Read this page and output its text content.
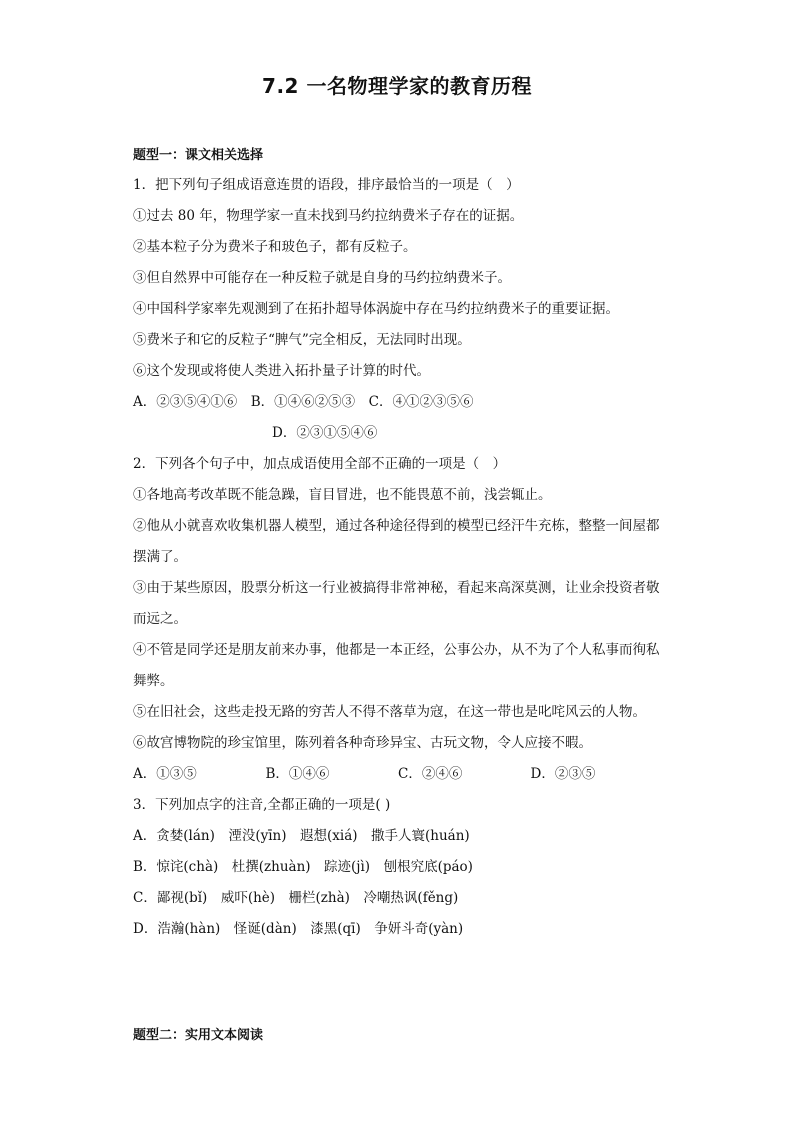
7.2 一名物理学家的教育历程
题型一：课文相关选择
1．把下列句子组成语意连贯的语段，排序最恰当的一项是（　）
①过去 80 年，物理学家一直未找到马约拉纳费米子存在的证据。
②基本粒子分为费米子和玻色子，都有反粒子。
③但自然界中可能存在一种反粒子就是自身的马约拉纳费米子。
④中国科学家率先观测到了在拓扑超导体涡旋中存在马约拉纳费米子的重要证据。
⑤费米子和它的反粒子“脾气”完全相反，无法同时出现。
⑥这个发现或将使人类进入拓扑量子计算的时代。
A．②③⑤④①⑥　B．①④⑥②⑤③　C．④①②③⑤⑥
D．②③①⑤④⑥
2．下列各个句子中，加点成语使用全部不正确的一项是（　）
①各地高考改革既不能急躁，盲目冒进，也不能畏葸不前，浅尝辄止。
②他从小就喜欢收集机器人模型，通过各种途径得到的模型已经汗牛充栋，整整一间屋都摆满了。
③由于某些原因，股票分析这一行业被搞得非常神秘，看起来高深莫测，让业余投资者敬而远之。
④不管是同学还是朋友前来办事，他都是一本正经，公事公办，从不为了个人私事而徇私舞弊。
⑤在旧社会，这些走投无路的穷苦人不得不落草为寇，在这一带也是叱咤风云的人物。
⑥故宫博物院的珍宝馆里，陈列着各种奇珍异宝、古玩文物，令人应接不暇。
A．①③⑤	B．①④⑥	C．②④⑥	D．②③⑤
3．下列加点字的注音,全都正确的一项是( )
A．贪婪(lán)　湮没(yīn)　遐想(xiá)　撒手人寰(huán)
B．惊诧(chà)　杜撰(zhuàn)　踪迹(jì)　刨根究底(páo)
C．鄙视(bǐ)　威吓(hè)　栅栏(zhà)　冷嘲热讽(fěng)
D．浩瀚(hàn)　怪诞(dàn)　漆黑(qī)　争妍斗奇(yàn)
题型二：实用文本阅读
